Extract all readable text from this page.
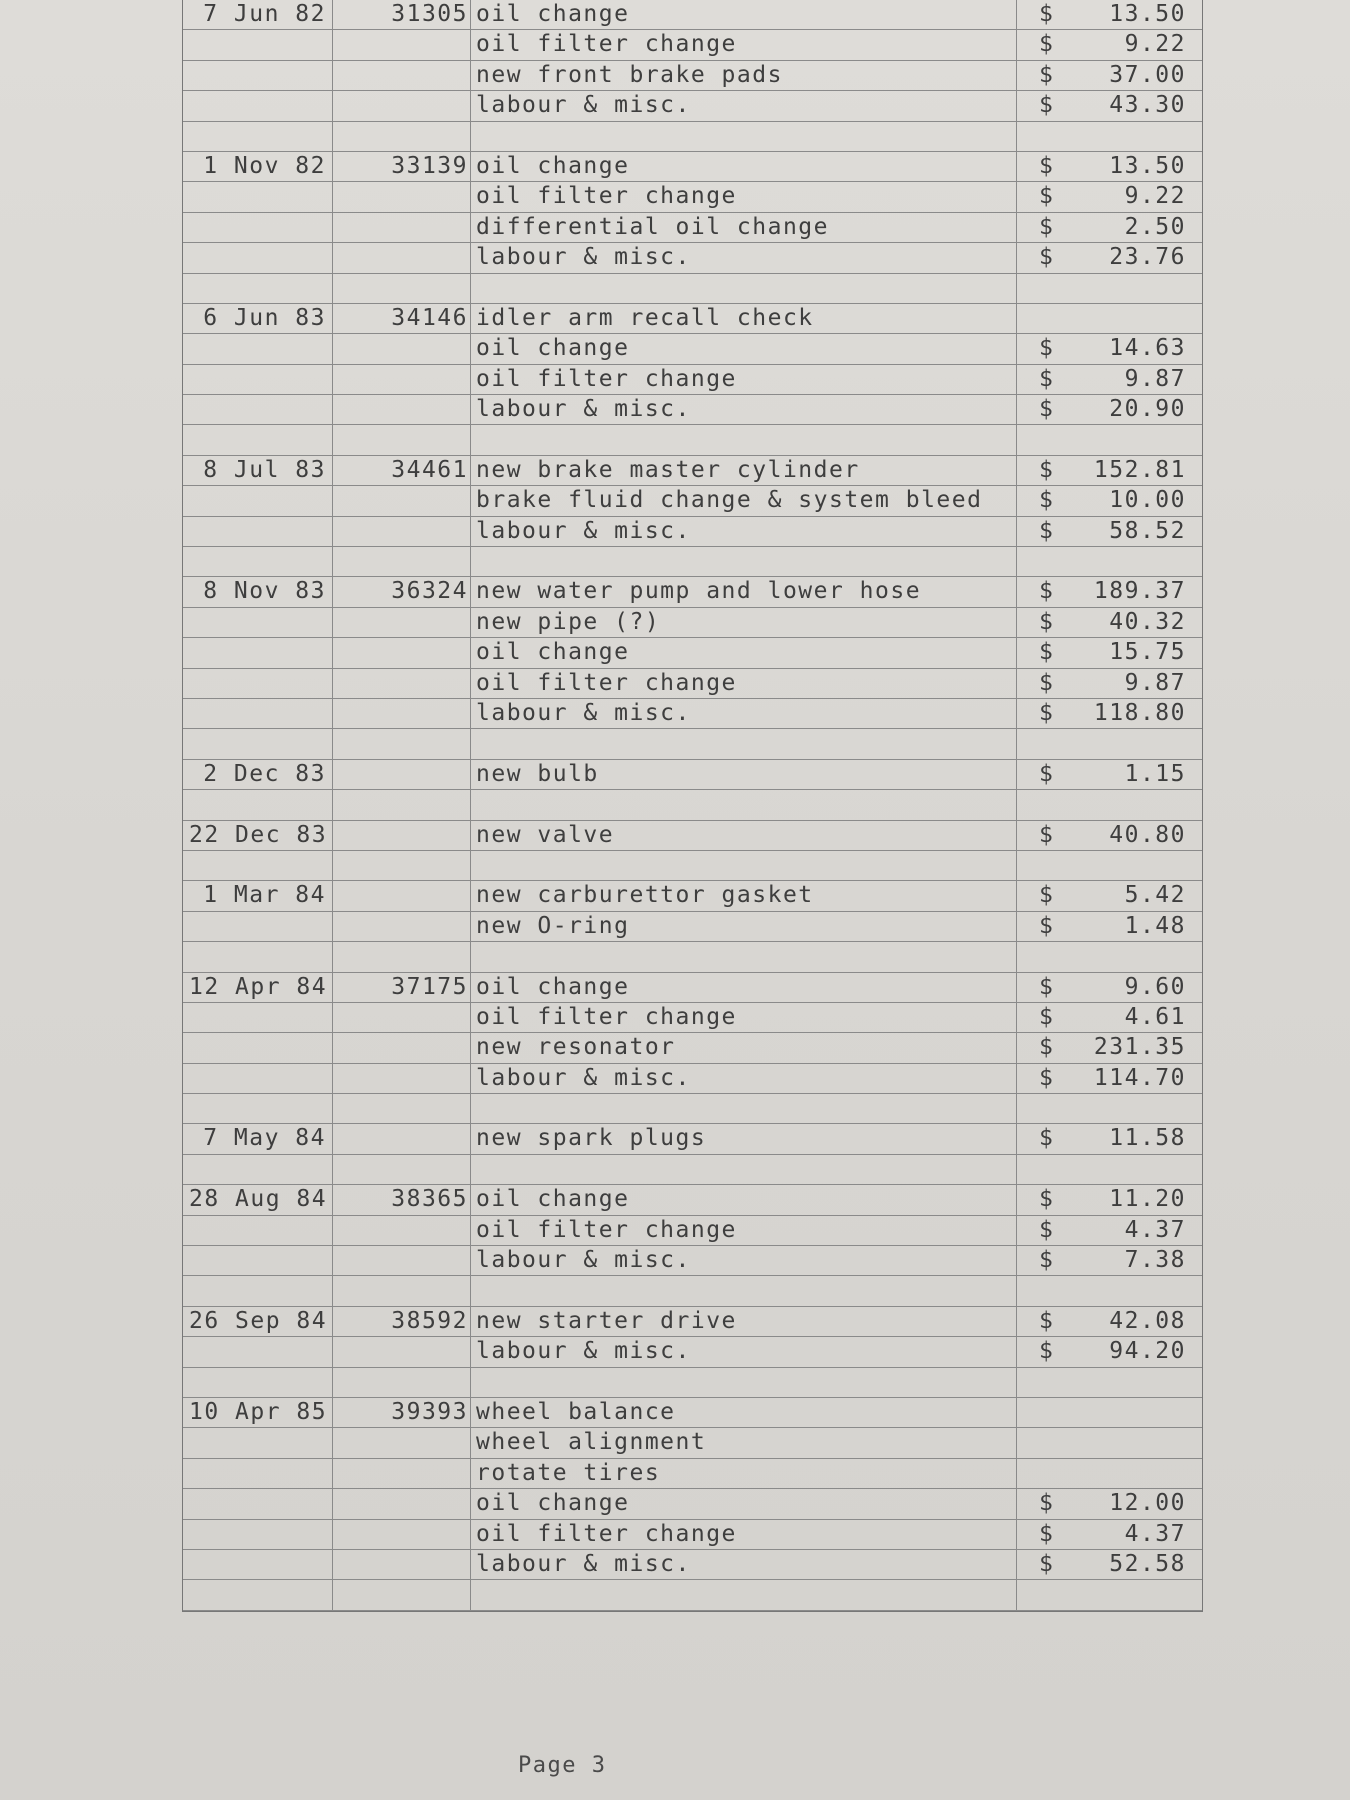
7 Jun 82	31305 oil change	$ 13.50
oil filter change	$	9.22
new front brake pads	$ 37.00
labour & misc.	$ 43.30
1 Nov 82	33139 oil change	$ 13.50
oil filter change	$	9.22
differential oil change	$	2.50
labour & misc.	$ 23.76
6 Jun 83	34146 idler arm recall check
oil change	$ 14.63
oil filter change	$	9.87
labour & misc.	$ 20.90
8 Jul 83	34461 new brake master cylinder	$ 152.81
brake fluid change & system bleed	$ 10.00
labour & misc.	$ 58.52
8 Nov 83	36324 new water pump and lower hose	$ 189.37
new pipe (?)	$ 40.32
oil change	$ 15.75
oil filter change	$	9.87
labour & misc.	$ 118.80
2 Dec 83	new bulb	$	1.15
22 Dec 83	new valve	$ 40.80
1 Mar 84	new carburettor gasket	$	5.42
new O-ring	$	1.48
12 Apr 84	37175 oil change	$	9.60
oil filter change	$	4.61
new resonator	$ 231.35
labour & misc.	$ 114.70
7 May 84	new spark plugs	$ 11.58
28 Aug 84	38365 oil change	$ 11.20
oil filter change	$	4.37
labour & misc.	$	7.38
26 Sep 84	38592 new starter drive	$ 42.08
labour & misc.	$ 94.20
10 Apr 85	39393 wheel balance
wheel alignment
rotate tires
oil change	$ 12.00
oil filter change	$	4.37
labour & misc.	$ 52.58
Page 3
